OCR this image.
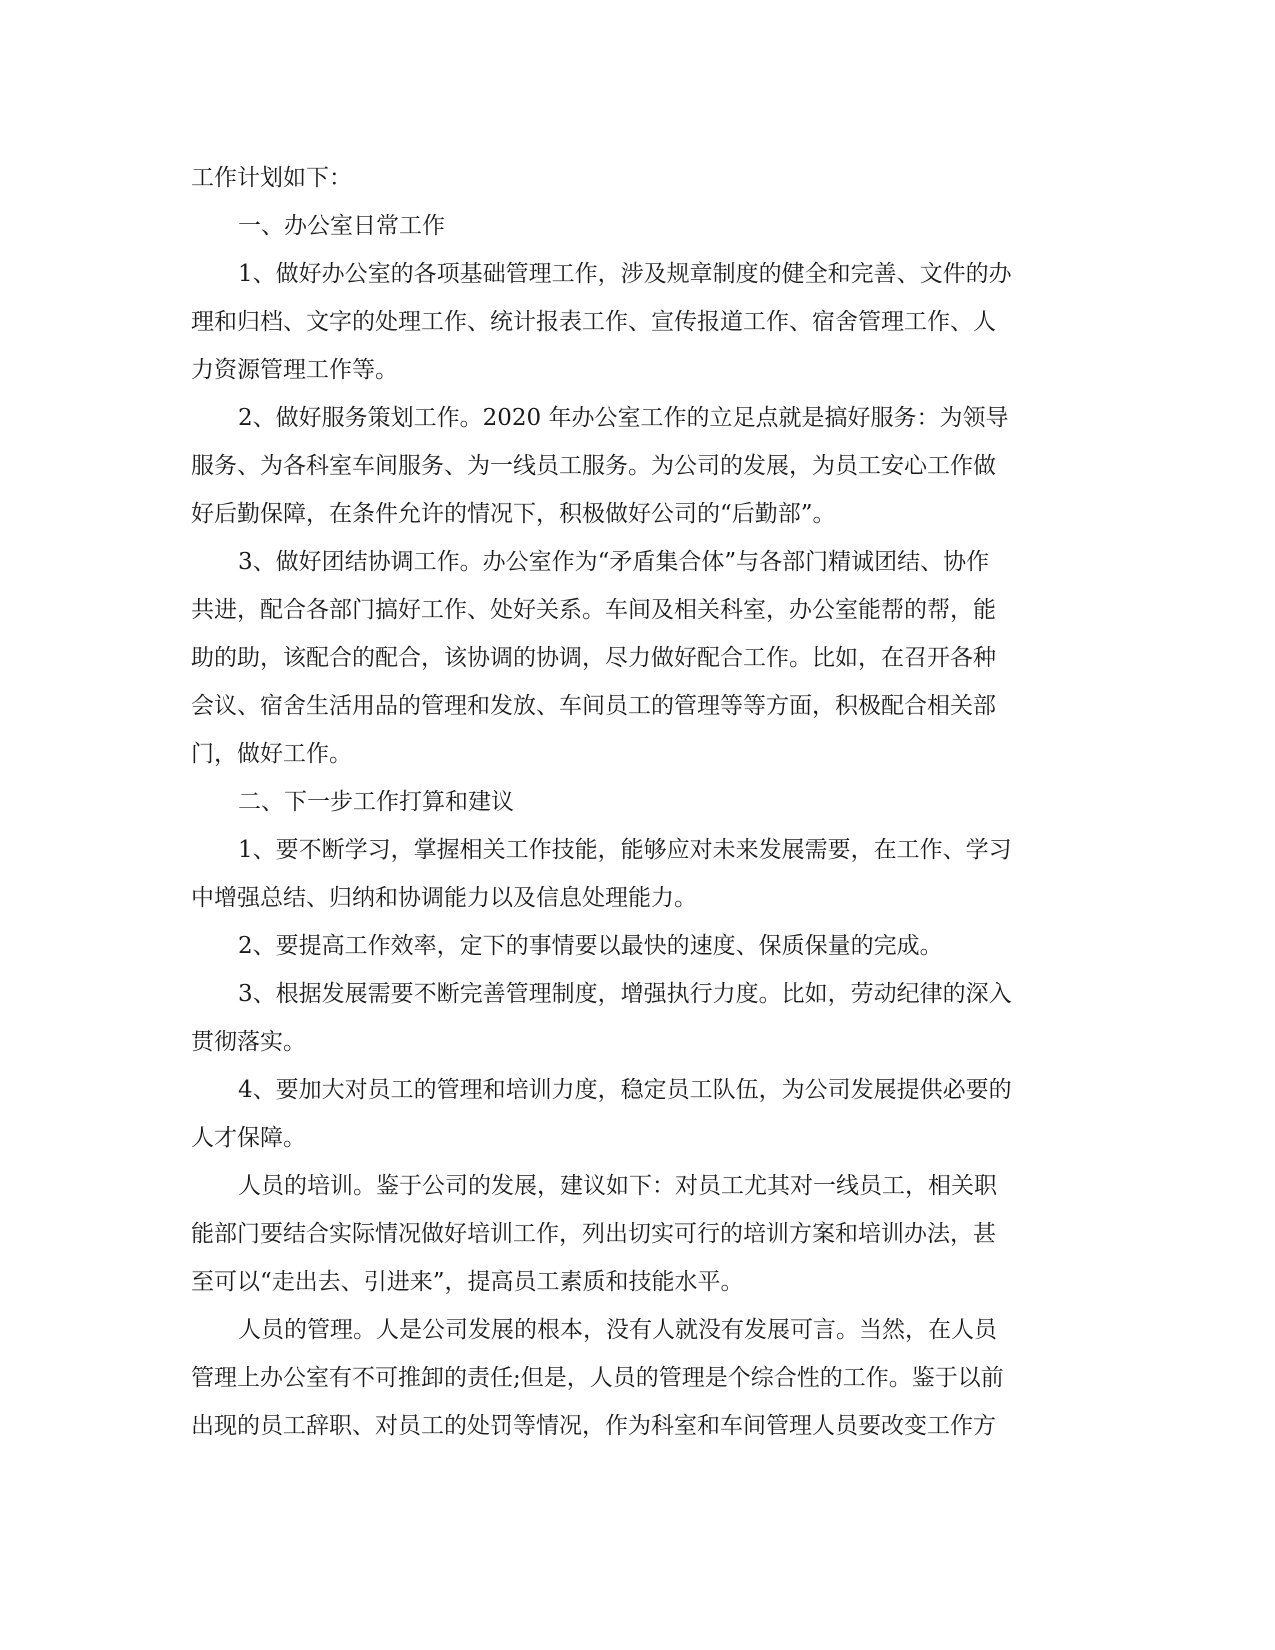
工作计划如下：
一、办公室日常工作
1、做好办公室的各项基础管理工作，涉及规章制度的健全和完善、文件的办
理和归档、文字的处理工作、统计报表工作、宣传报道工作、宿舍管理工作、人
力资源管理工作等。
2、做好服务策划工作。2020 年办公室工作的立足点就是搞好服务：为领导
服务、为各科室车间服务、为一线员工服务。为公司的发展，为员工安心工作做
好后勤保障，在条件允许的情况下，积极做好公司的“后勤部”。
3、做好团结协调工作。办公室作为“矛盾集合体”与各部门精诚团结、协作
共进，配合各部门搞好工作、处好关系。车间及相关科室，办公室能帮的帮，能
助的助，该配合的配合，该协调的协调，尽力做好配合工作。比如，在召开各种
会议、宿舍生活用品的管理和发放、车间员工的管理等等方面，积极配合相关部
门，做好工作。
二、下一步工作打算和建议
1、要不断学习，掌握相关工作技能，能够应对未来发展需要，在工作、学习
中增强总结、归纳和协调能力以及信息处理能力。
2、要提高工作效率，定下的事情要以最快的速度、保质保量的完成。
3、根据发展需要不断完善管理制度，增强执行力度。比如，劳动纪律的深入
贯彻落实。
4、要加大对员工的管理和培训力度，稳定员工队伍，为公司发展提供必要的
人才保障。
人员的培训。鉴于公司的发展，建议如下：对员工尤其对一线员工，相关职
能部门要结合实际情况做好培训工作，列出切实可行的培训方案和培训办法，甚
至可以“走出去、引进来”，提高员工素质和技能水平。
人员的管理。人是公司发展的根本，没有人就没有发展可言。当然，在人员
管理上办公室有不可推卸的责任;但是，人员的管理是个综合性的工作。鉴于以前
出现的员工辞职、对员工的处罚等情况，作为科室和车间管理人员要改变工作方
